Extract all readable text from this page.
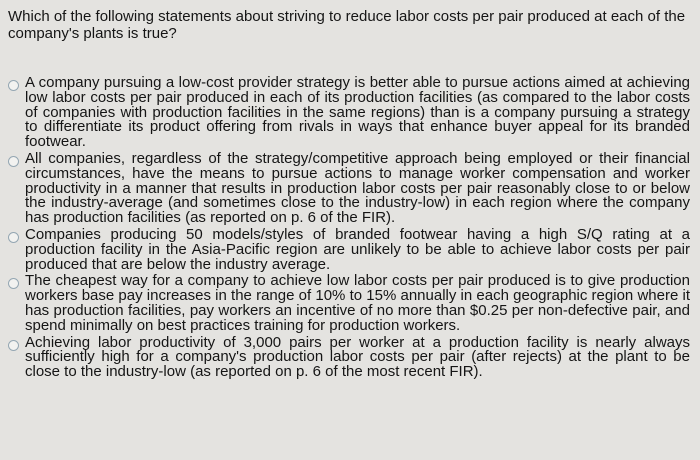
Which of the following statements about striving to reduce labor costs per pair produced at each of the company's plants is true?
A company pursuing a low-cost provider strategy is better able to pursue actions aimed at achieving low labor costs per pair produced in each of its production facilities (as compared to the labor costs of companies with production facilities in the same regions) than is a company pursuing a strategy to differentiate its product offering from rivals in ways that enhance buyer appeal for its branded footwear.
All companies, regardless of the strategy/competitive approach being employed or their financial circumstances, have the means to pursue actions to manage worker compensation and worker productivity in a manner that results in production labor costs per pair reasonably close to or below the industry-average (and sometimes close to the industry-low) in each region where the company has production facilities (as reported on p. 6 of the FIR).
Companies producing 50 models/styles of branded footwear having a high S/Q rating at a production facility in the Asia-Pacific region are unlikely to be able to achieve labor costs per pair produced that are below the industry average.
The cheapest way for a company to achieve low labor costs per pair produced is to give production workers base pay increases in the range of 10% to 15% annually in each geographic region where it has production facilities, pay workers an incentive of no more than $0.25 per non-defective pair, and spend minimally on best practices training for production workers.
Achieving labor productivity of 3,000 pairs per worker at a production facility is nearly always sufficiently high for a company's production labor costs per pair (after rejects) at the plant to be close to the industry-low (as reported on p. 6 of the most recent FIR).
